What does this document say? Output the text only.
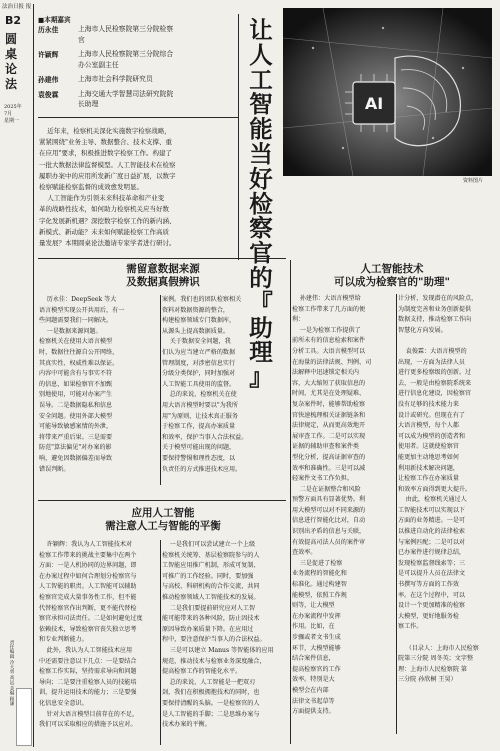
法治日报 报
B2
圆桌论法
2025年
7月
星期一
责任编辑 冷大勇 高远 美编 顾谦
■本期嘉宾
历永佳	上海市人民检察院第三分院检察
官
许颖辉	上海市人民检察院第三分院综合
办公室副主任
孙建伟	上海市社会科学院研究员
袁俊霖	上海交通大学智慧司法研究院院
长助理
近年来，检察机关深化实施数字检察战略，
紧紧围绕"业务主导、数据整合、技术支撑、重
在应用"要求，积极推进数字检察工作。构建了
一批大数据法律监督模型。人工智能技术在检察
履职办案中的应用所发新广度日益扩展，以数字
检察赋能检察监督的成效愈发明显。
人工智能作为引领未来科技革命和产业变
革的战略性技术，如何助力检察机关应当好数
字化发展新机遇？深挖数字检察工作的新内涵、
新模式、新动能？未来如何赋能检察工作高质
量发展？本期圆桌论法邀请专家学者进行研讨。
让
人
工
智
能
当
好
检
察
官
的
『
助
理
』
AI
资料图片
需留意数据来源
及数据真假辨识
历永佳：DeepSeek 等大
语言模型实现公开共用后，有一
些问题需要我们一同解决。
一是数据来源问题。
检察机关在使用大语言模型
时，数据往往源自公开网络，
其真实性、权威性难以保证。
内容中可能含有与事实不符
的信息，如果检察官不加甄
别地使用，可能对办案产生
误导。二是数据隐私和信息
安全问题。使用外部大模型
可能导致敏感案情的外泄，
将带来严重后果。三是需要
防范"算法偏见"对办案的影
响，避免因数据偏差而导致
错误判断。
案例。我们也的团队检察相关
资料对数据资源的整合，
构建检察领域专门数据库，
从源头上提高数据质量。
关于数据安全问题，我
们认为应当建立严格的数据
管理制度，对涉密信息实行
分级分类保护，同时加强对
人工智能工具使用的监督。
总的来说，检察机关在使
用大语言模型时要以"为我所
用"为原则，让技术真正服务
于检察工作，提高办案质量
和效率，保护当事人合法权益。
关于模型可能出现的问题，
要保持警惕和理性态度，以
负责任的方式推进技术应用。
应用人工智能
需注意人工与智能的平衡
许颖辉：我认为人工智能技术对
检察工作带来的挑战主要集中在两个
方面：一是人机协同的边界问题，即
在办案过程中如何合理划分检察官与
人工智能的职责。人工智能可以辅助
检察官完成大量事务性工作，但不能
代替检察官作出判断，更不能代替检
察官承担司法责任。二是如何避免过度
依赖技术，导致检察官丧失独立思考
和专业判断能力。
此外，我认为人工智能技术应用
中还需要注意以下几点：一是要结合
检察工作实际，坚持需求导向和问题
导向；二是要注重检察人员的技能培
训，提升运用技术的能力；三是要强
化信息安全意识。
针对大语言模型目前存在的不足，
我们可以采取相应的措施予以应对。
一是我们可以尝试建立一个上级
检察机关统筹、基层检察院参与的人
工智能应用推广机制，形成可复制、
可推广的工作经验。同时，要加强
与高校、科研机构的合作交流，共同
推动检察领域人工智能技术的发展。
二是我们要提前研究应对人工智
能可能带来的各种风险，防止因技术
原因导致办案质量下降。在应用过
程中，要注意保护当事人的合法权益。
三是可以建立 Manus 等智能体的应用
规范，推动技术与检察业务深度融合，
提高检察工作的智能化水平。
总的来说，人工智能是一把双刃
剑，我们在积极拥抱技术的同时，也
要保持清醒的头脑。一是检察官的人
是人工智能的手脚；二是思维办案与
技术办案的平衡。
人工智能技术
可以成为检察官的"助理"
孙建伟：大语言模型给
检察工作带来了几方面的便
利：
一是为检察工作提供了
前所未有的信息检索和案件
分析工具。大语言模型可以
在海量的法律法规、判例、司
法解释中迅速锁定相关内
容，大大缩短了获取信息的
时间，尤其是在处理疑难、
复杂案件时，能够帮助检察
官快速梳理相关证据链条和
法律规定，从而更高效地开
展审查工作。二是可以实现
证据的辅助审查和案件类
型化分析，提高证据审查的
效率和准确性。三是可以减
轻案件文书工作负担。
二是在证据整合和风险
预警方面具有显著优势。利
用大模型可以对不同来源的
信息进行智能化比对，自动
识别出矛盾的信息与关联，
有效提高司法人员的案件审
查效率。
三是促进了检察
业务流程的智能化和
标准化。通过构建智
能模型，依照工作规
则等，让大模型
在办案流程中发挥
作用。比如，在
步骤或者文书生成
环节，大模型能够
结合案件信息，
提高检察官的工作
效率。特别是大
模型会在内部
法律文书起草等
方面提供支持。
计分析，发现潜在的风险点，
为制度完善和业务创新提供
数据支持，推动检察工作向
智慧化方向发展。

袁俊霖：大语言模型的
出现，一方面为法律人员
进行更多检察级的创新。过
去，一般是由检察院系统来
进行信息化建设，因检察官
没有足够的技术能力来
设计或研究。但现在有了
大语言模型，每个人都
可以成为模型的创造者和
使用者。这就使检察官
能更加主动地思考如何
利用新技术解决问题，
让检察工作在办案质量
和效率方面得到更大提升。
由此，检察机关通过人
工智能技术可以实现以下
方面的业务精进。一是可
以推进自动化的法律检索
与案例匹配；二是可以对
已办案件进行规律总结，
发现检察监督线索等；三
是可以提升人员在法律文
书撰写等方面的工作效
率。在这个过程中，可以
设计一个更加精准的检察
大模型，更好地服务检
察工作。

（目录人：上海市人民检察
院第三分院 周冬英；文字整
理：上海市人民检察院 第
三分院 孙欣桐 王昊）
